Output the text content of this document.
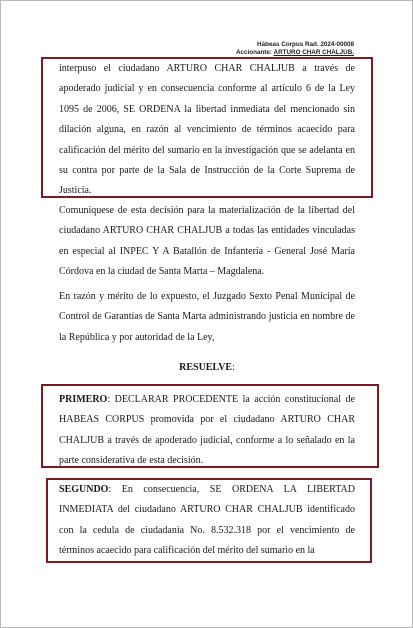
Hábeas Corpus Rad. 2024-00008
Accionante: ARTURO CHAR CHALJUB.

interpuso el ciudadano ARTURO CHAR CHALJUB a través de apoderado judicial y en consecuencia conforme al artículo 6 de la Ley 1095 de 2006, SE ORDENA la libertad inmediata del mencionado sin dilación alguna, en razón al vencimiento de términos acaecido para calificación del mérito del sumario en la investigación que se adelanta en su contra por parte de la Sala de Instrucción de la Corte Suprema de Justicia.

Comuníquese de esta decisión para la materialización de la libertad del ciudadano ARTURO CHAR CHALJUB a todas las entidades vinculadas en especial al INPEC Y A Batallón de Infantería - General José María Córdova en la ciudad de Santa Marta – Magdalena.

En razón y mérito de lo expuesto, el Juzgado Sexto Penal Municipal de Control de Garantías de Santa Marta administrando justicia en nombre de la República y por autoridad de la Ley,

RESUELVE:

PRIMERO: DECLARAR PROCEDENTE la acción constitucional de HABEAS CORPUS promovida por el ciudadano ARTURO CHAR CHALJUB a través de apoderado judicial, conforme a lo señalado en la parte considerativa de esta decisión.

SEGUNDO: En consecuencia, SE ORDENA LA LIBERTAD INMEDIATA del ciudadano ARTURO CHAR CHALJUB identificado con la cedula de ciudadanía No. 8.532.318 por el vencimiento de términos acaecido para calificación del mérito del sumario en la
